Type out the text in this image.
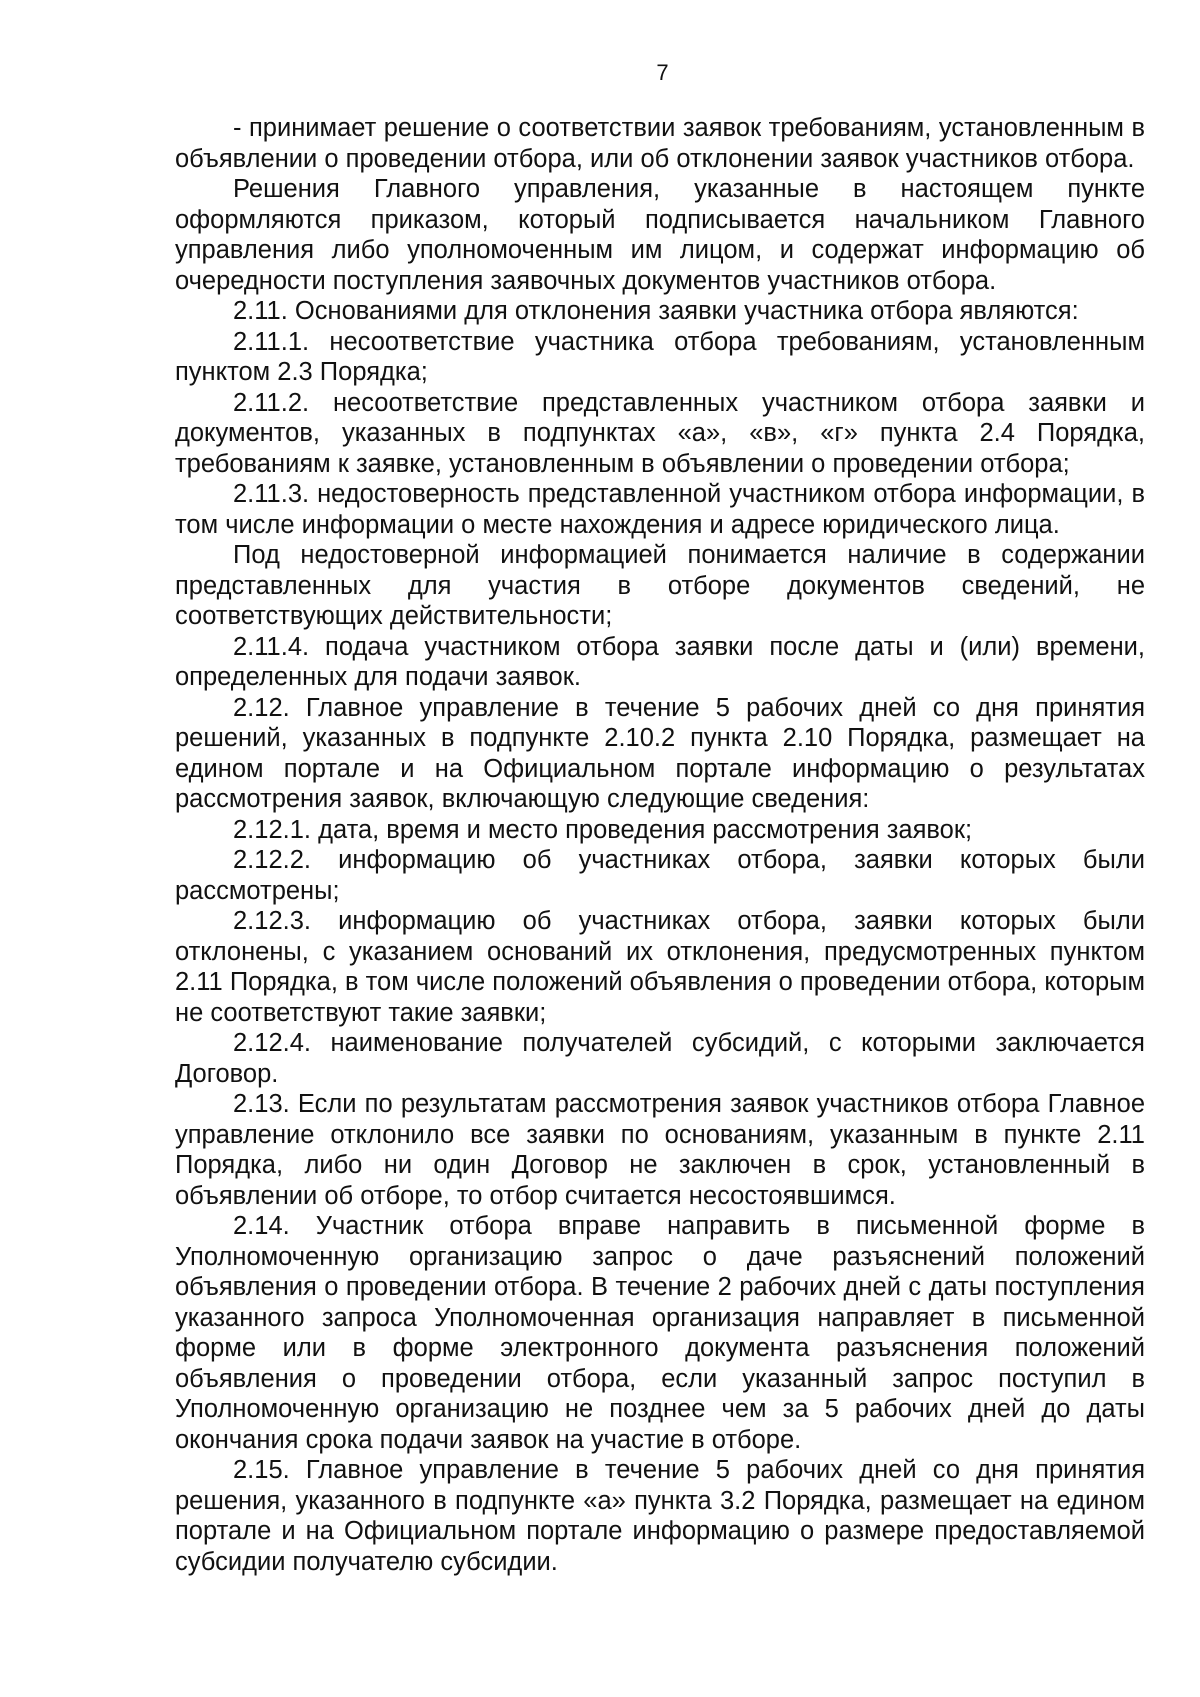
7

- принимает решение о соответствии заявок требованиям, установленным в объявлении о проведении отбора, или об отклонении заявок участников отбора.

Решения Главного управления, указанные в настоящем пункте оформляются приказом, который подписывается начальником Главного управления либо уполномоченным им лицом, и содержат информацию об очередности поступления заявочных документов участников отбора.

2.11. Основаниями для отклонения заявки участника отбора являются:

2.11.1. несоответствие участника отбора требованиям, установленным пунктом 2.3 Порядка;

2.11.2. несоответствие представленных участником отбора заявки и документов, указанных в подпунктах «а», «в», «г» пункта 2.4 Порядка, требованиям к заявке, установленным в объявлении о проведении отбора;

2.11.3. недостоверность представленной участником отбора информации, в том числе информации о месте нахождения и адресе юридического лица.

Под недостоверной информацией понимается наличие в содержании представленных для участия в отборе документов сведений, не соответствующих действительности;

2.11.4. подача участником отбора заявки после даты и (или) времени, определенных для подачи заявок.

2.12. Главное управление в течение 5 рабочих дней со дня принятия решений, указанных в подпункте 2.10.2 пункта 2.10 Порядка, размещает на едином портале и на Официальном портале информацию о результатах рассмотрения заявок, включающую следующие сведения:

2.12.1. дата, время и место проведения рассмотрения заявок;

2.12.2. информацию об участниках отбора, заявки которых были рассмотрены;

2.12.3. информацию об участниках отбора, заявки которых были отклонены, с указанием оснований их отклонения, предусмотренных пунктом 2.11 Порядка, в том числе положений объявления о проведении отбора, которым не соответствуют такие заявки;

2.12.4. наименование получателей субсидий, с которыми заключается Договор.

2.13. Если по результатам рассмотрения заявок участников отбора Главное управление отклонило все заявки по основаниям, указанным в пункте 2.11 Порядка, либо ни один Договор не заключен в срок, установленный в объявлении об отборе, то отбор считается несостоявшимся.

2.14. Участник отбора вправе направить в письменной форме в Уполномоченную организацию запрос о даче разъяснений положений объявления о проведении отбора. В течение 2 рабочих дней с даты поступления указанного запроса Уполномоченная организация направляет в письменной форме или в форме электронного документа разъяснения положений объявления о проведении отбора, если указанный запрос поступил в Уполномоченную организацию не позднее чем за 5 рабочих дней до даты окончания срока подачи заявок на участие в отборе.

2.15. Главное управление в течение 5 рабочих дней со дня принятия решения, указанного в подпункте «а» пункта 3.2 Порядка, размещает на едином портале и на Официальном портале информацию о размере предоставляемой субсидии получателю субсидии.
